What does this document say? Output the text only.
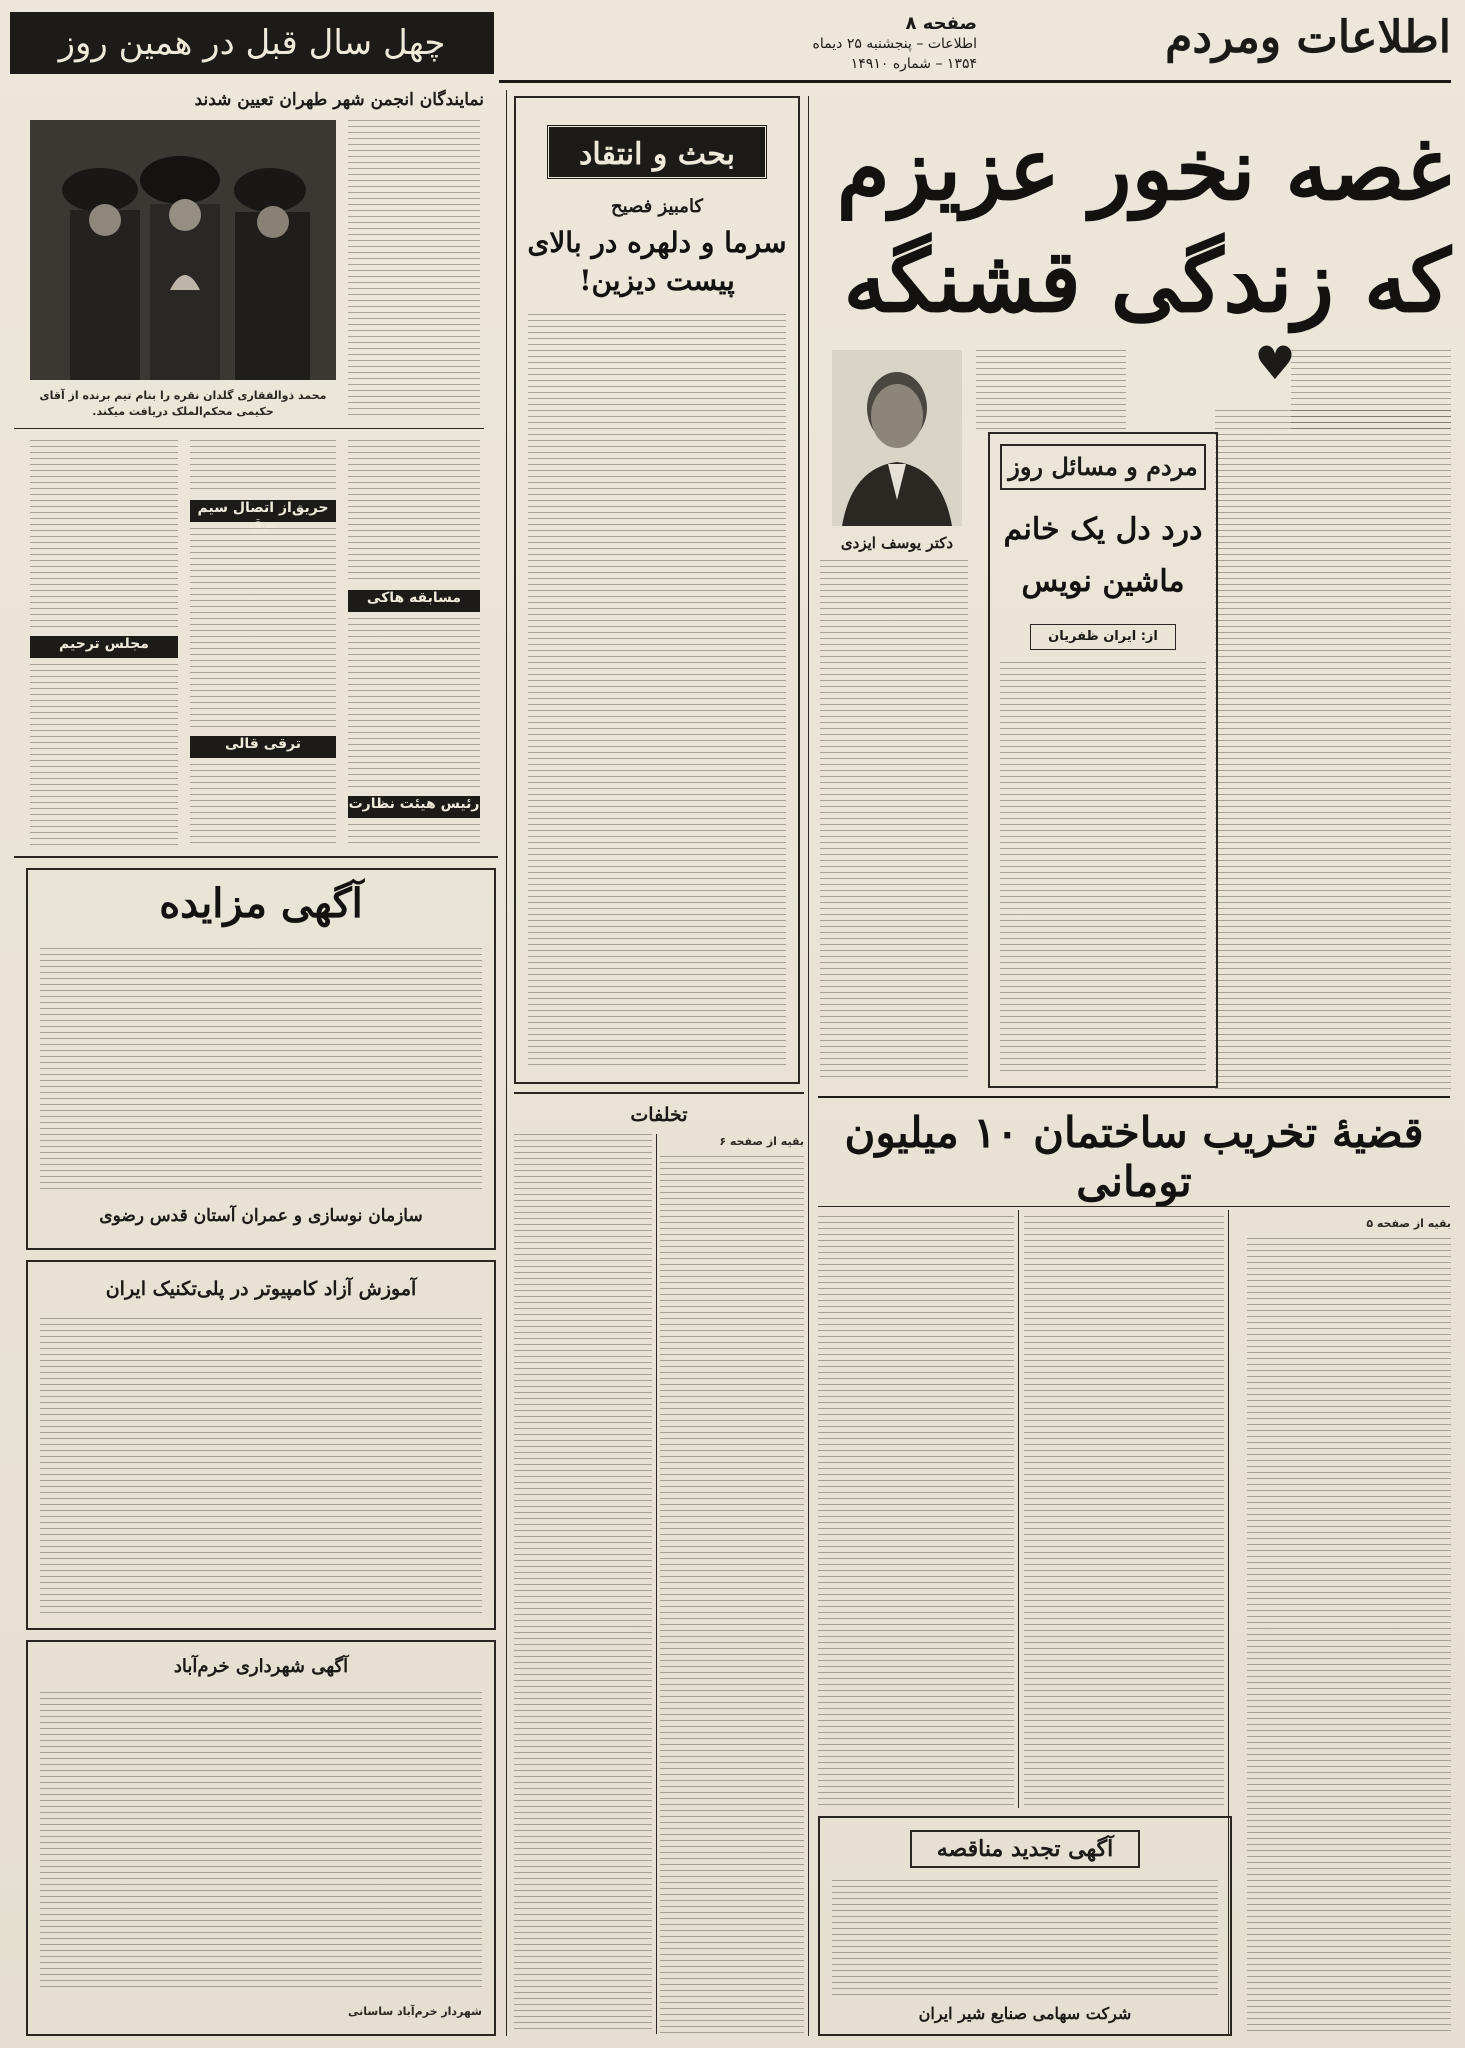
اطلاعات ومردم
صفحه ۸
اطلاعات – پنجشنبه ۲۵ دیماه
۱۳۵۴ – شماره ۱۴۹۱۰
چهل سال قبل در همین روز
نمایندگان انجمن شهر طهران تعیین شدند
محمد ذوالفقاری گلدان نقره را بنام تیم برنده از آقای حکیمی محکم‌الملک دریافت میکند.
مسابقه هاکی
رئیس هیئت نظارت
حریق‌از اتصال سیم برق
ترقی قالی
مجلس ترحیم
آگهی مزایده
سازمان نوسازی و عمران آستان قدس رضوی
آموزش آزاد کامپیوتر در پلی‌تکنیک ایران
آگهی شهرداری خرم‌آباد
شهردار خرم‌آباد ساسانی
بحث و انتقاد
کامبیز فصیح
سرما و دلهره در بالای
پیست دیزین!
دکتر یوسف ایزدی
غصه نخور عزیزم
که زندگی قشنگه
♥
مردم و مسائل روز
درد دل یک خانم
ماشین نویس
از: ایران ظفریان
قضیهٔ تخریب ساختمان ۱۰ میلیون تومانی
بقیه از صفحه ۵
آگهی تجدید مناقصه
شرکت سهامی صنایع شیر ایران
تخلفات
بقیه از صفحه ۶
